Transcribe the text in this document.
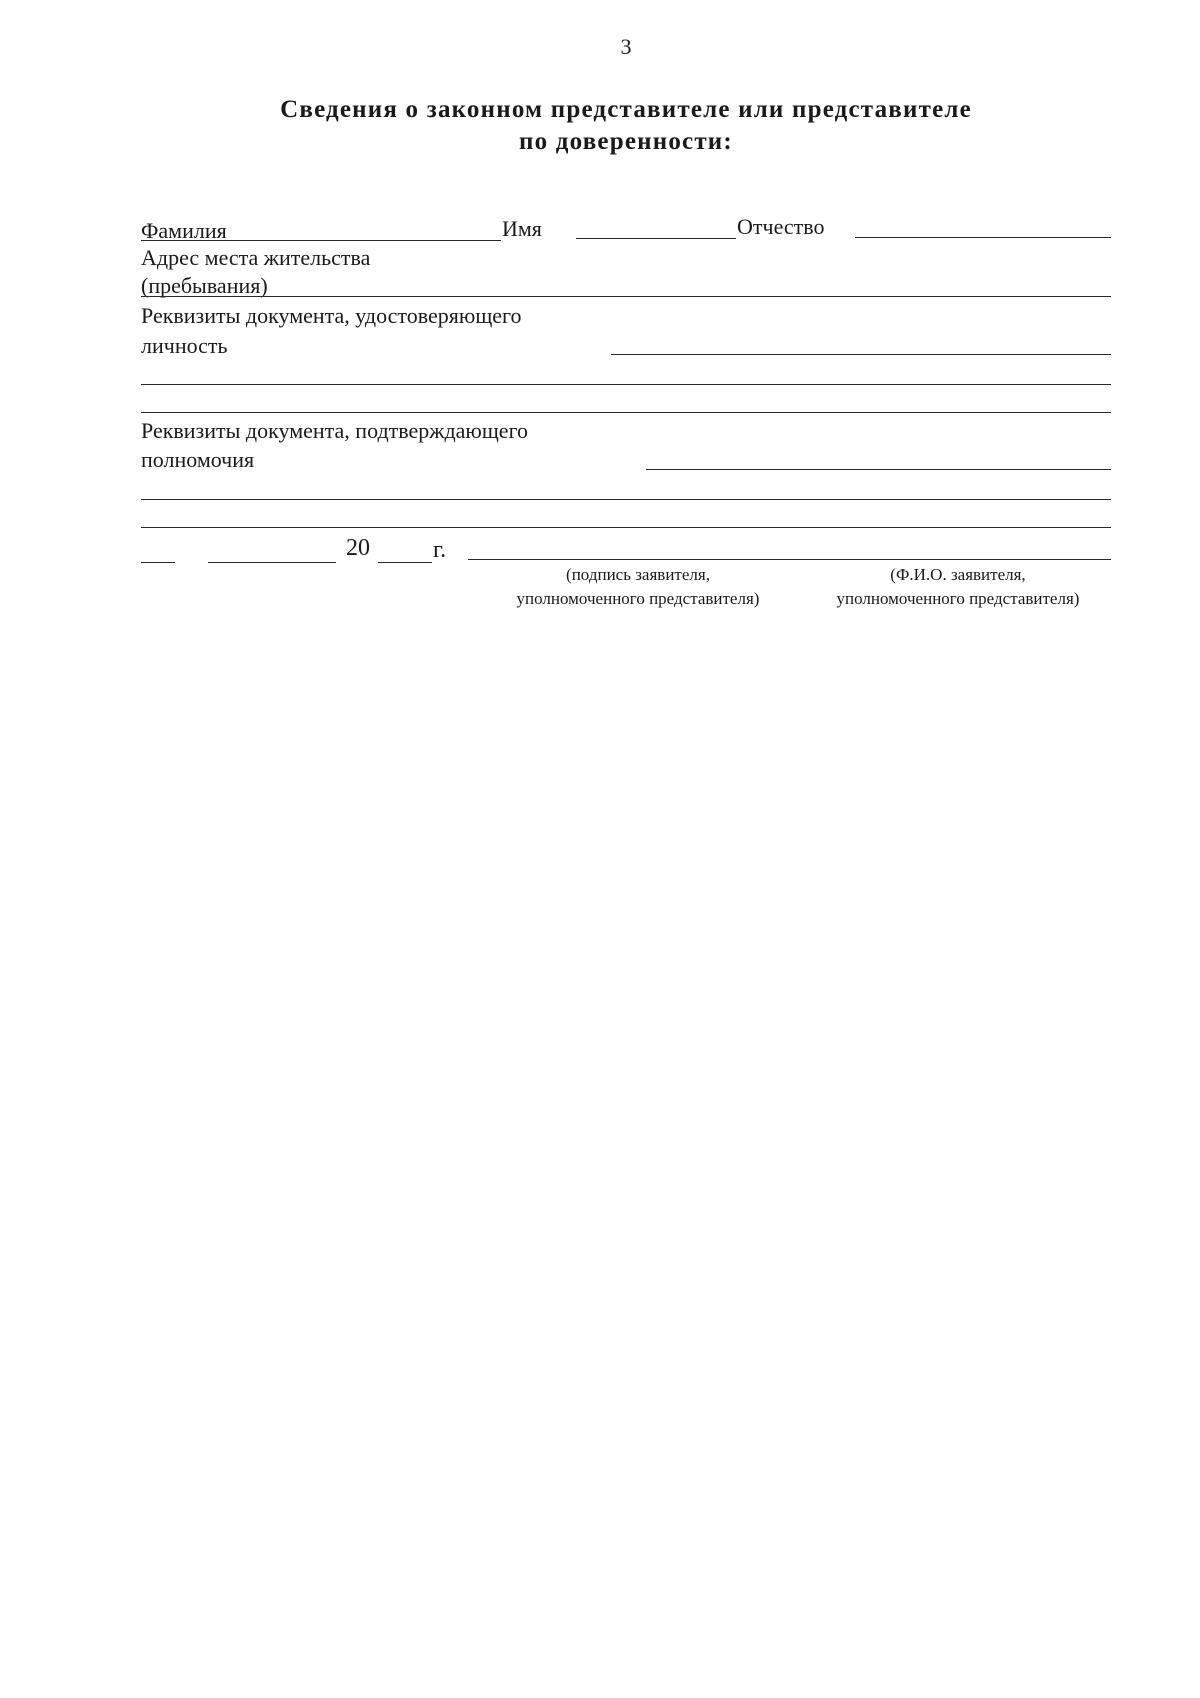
3
Сведения о законном представителе или представителе
по доверенности:
Фамилия	Имя	Отчество
Адрес места жительства
(пребывания)
Реквизиты документа, удостоверяющего
личность
Реквизиты документа, подтверждающего
полномочия
20	г.
(подпись заявителя,
уполномоченного представителя)
(Ф.И.О. заявителя,
уполномоченного представителя)
